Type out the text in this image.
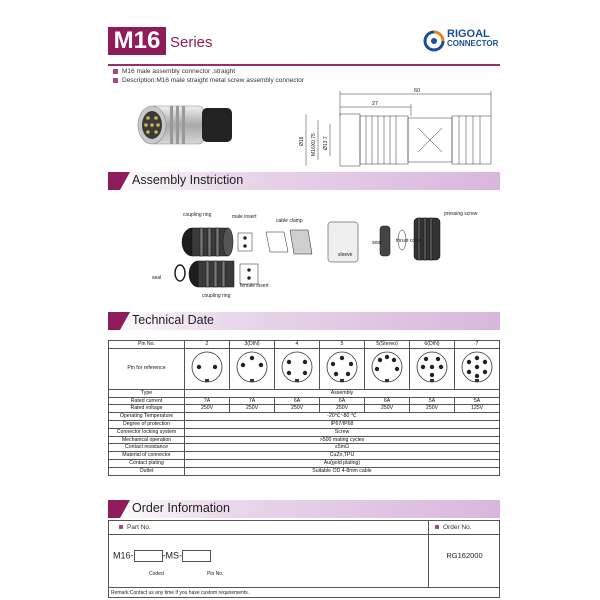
M16 Series	RIGOAL
CONNECTOR
M16 male assembly connector ,straight
Description:M16 male straight metal screw assembly connector
60
27
Ø18 M16X0.75 Ø13.7
Assembly Instriction
coupling ring	male insert
cable clamp
pressing screw
seal	thrust collar
sleeve
seal
female insert
coupling ring
Technical Date
Pin No.	2	3(DIN)	4	5	5(Stereo)	6(DIN)	7
Pin for reference							
Type	Assembly						
Rated current	7A	7A	6A	6A	6A	5A	5A
Rated voltage	250V	250V	250V	250V	250V	250V	125V
Operating Temperature	-20℃~80 ℃						
Degree of protection	IP67/IP68						
Connector locking system	Screw						
Mechanical operation	>500 mating cycles						
Contact resistance	≤5mΩ						
Material of connector	CuZn,TPU						
Contact plating	Au(gold plating)						
Outlet	Suitable OD 4-8mm cable						
Order Information
Part No.	Order No.
M16-	-MS-
Coded	Pin No.
RG162000
Remark:Contact us any time if you have custom requirements.
